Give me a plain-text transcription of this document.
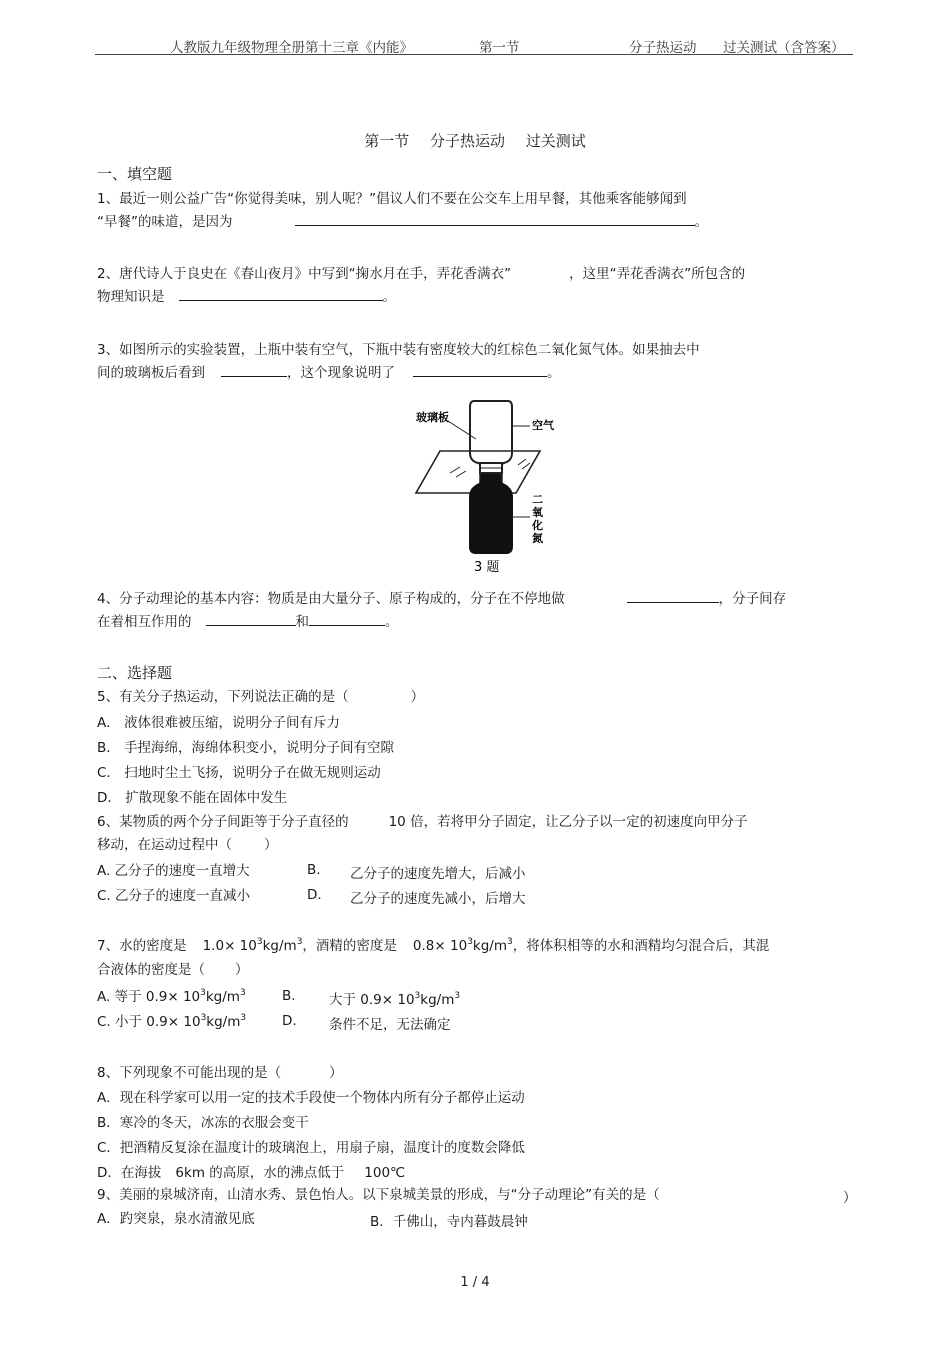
人教版九年级物理全册第十三章《内能》	第一节	分子热运动 过关测试（含答案）
第一节 分子热运动 过关测试
一、填空题
1、最近一则公益广告“你觉得美味，别人呢？”倡议人们不要在公交车上用早餐，其他乘客能够闻到
“早餐”的味道，是因为	。
2、唐代诗人于良史在《春山夜月》中写到“掬水月在手，弄花香满衣”	，这里“弄花香满衣”所包含的
物理知识是	。
3、如图所示的实验装置，上瓶中装有空气，下瓶中装有密度较大的红棕色二氧化氮气体。如果抽去中
间的玻璃板后看到	，这个现象说明了	。
玻璃板
空气
二
氧
化
氮
3 题
4、分子动理论的基本内容：物质是由大量分子、原子构成的，分子在不停地做	，分子间存
在着相互作用的	和	。
二、选择题
5、有关分子热运动，下列说法正确的是（	）
A． 液体很难被压缩，说明分子间有斥力
B． 手捏海绵，海绵体积变小，说明分子间有空隙
C． 扫地时尘土飞扬，说明分子在做无规则运动
D． 扩散现象不能在固体中发生
6、某物质的两个分子间距等于分子直径的	10 倍，若将甲分子固定，让乙分子以一定的初速度向甲分子
移动，在运动过程中（ ）
A. 乙分子的速度一直增大	B. 乙分子的速度先增大，后减小
C. 乙分子的速度一直减小	D. 乙分子的速度先减小，后增大
7、水的密度是 $1.0\times 10^3kg/m^3$，酒精的密度是 $0.8\times 10^3kg/m^3$，将体积相等的水和酒精均匀混合后，其混
合液体的密度是（ ）
A. 等于 $0.9\times 10^3kg/m^3$	B. 大于 $0.9\times 10^3kg/m^3$
C. 小于 $0.9\times 10^3kg/m^3$	D. 条件不足，无法确定
8、下列现象不可能出现的是（	）
A．现在科学家可以用一定的技术手段使一个物体内所有分子都停止运动
B．寒冷的冬天，冰冻的衣服会变干
C．把酒精反复涂在温度计的玻璃泡上，用扇子扇，温度计的度数会降低
D．在海拔 6km 的高原，水的沸点低于 100℃
9、美丽的泉城济南，山清水秀、景色怡人。以下泉城美景的形成，与“分子动理论”有关的是（	）
A．趵突泉，泉水清澈见底	B．千佛山，寺内暮鼓晨钟
1 / 4
